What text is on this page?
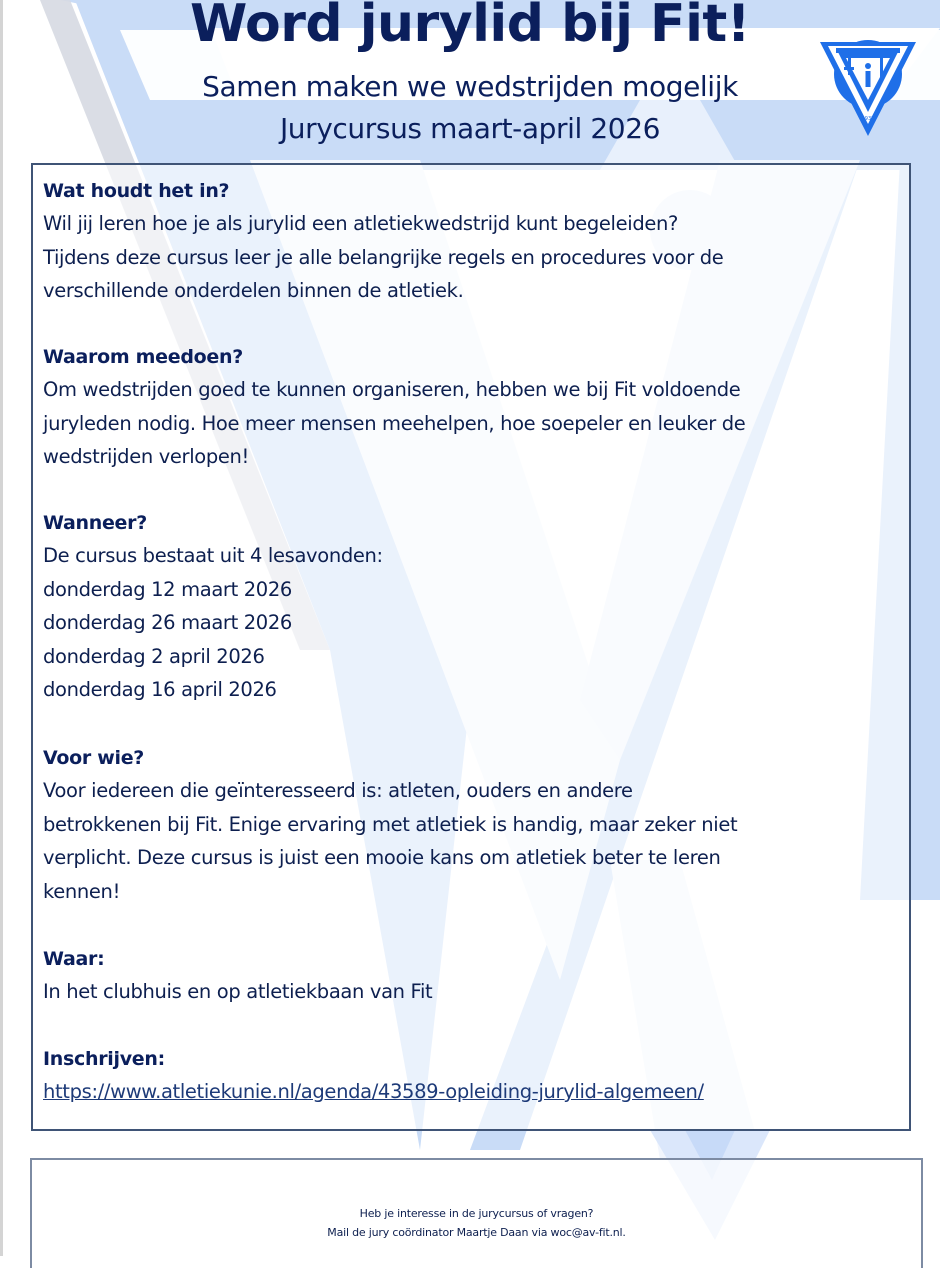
Word jurylid bij Fit!
Samen maken we wedstrijden mogelijk
Jurycursus maart-april 2026	1937
Wat houdt het in?
Wil jij leren hoe je als jurylid een atletiekwedstrijd kunt begeleiden?
Tijdens deze cursus leer je alle belangrijke regels en procedures voor de
verschillende onderdelen binnen de atletiek.
Waarom meedoen?
Om wedstrijden goed te kunnen organiseren, hebben we bij Fit voldoende
juryleden nodig. Hoe meer mensen meehelpen, hoe soepeler en leuker de
wedstrijden verlopen!
Wanneer?
De cursus bestaat uit 4 lesavonden:
donderdag 12 maart 2026
donderdag 26 maart 2026
donderdag 2 april 2026
donderdag 16 april 2026
Voor wie?
Voor iedereen die geïnteresseerd is: atleten, ouders en andere
betrokkenen bij Fit. Enige ervaring met atletiek is handig, maar zeker niet
verplicht. Deze cursus is juist een mooie kans om atletiek beter te leren
kennen!
Waar:
In het clubhuis en op atletiekbaan van Fit
Inschrijven:
https://www.atletiekunie.nl/agenda/43589-opleiding-jurylid-algemeen/
Heb je interesse in de jurycursus of vragen?
Mail de jury coördinator Maartje Daan via woc@av-fit.nl.
